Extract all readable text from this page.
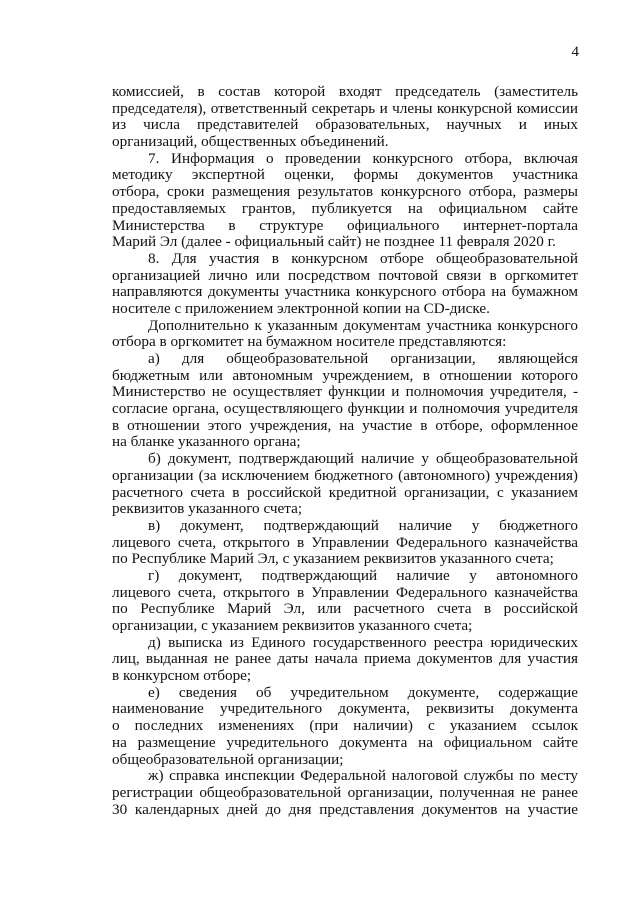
4
комиссией, в состав которой входят председатель (заместитель
председателя), ответственный секретарь и члены конкурсной комиссии
из числа представителей образовательных, научных и иных
организаций, общественных объединений.
7. Информация о проведении конкурсного отбора, включая
методику экспертной оценки, формы документов участника
отбора, сроки размещения результатов конкурсного отбора, размеры
предоставляемых грантов, публикуется на официальном сайте
Министерства в структуре официального интернет-портала
Марий Эл (далее - официальный сайт) не позднее 11 февраля 2020 г.
8. Для участия в конкурсном отборе общеобразовательной
организацией лично или посредством почтовой связи в оргкомитет
направляются документы участника конкурсного отбора на бумажном
носителе с приложением электронной копии на CD-диске.
Дополнительно к указанным документам участника конкурсного
отбора в оргкомитет на бумажном носителе представляются:
а) для общеобразовательной организации, являющейся
бюджетным или автономным учреждением, в отношении которого
Министерство не осуществляет функции и полномочия учредителя, -
согласие органа, осуществляющего функции и полномочия учредителя
в отношении этого учреждения, на участие в отборе, оформленное
на бланке указанного органа;
б) документ, подтверждающий наличие у общеобразовательной
организации (за исключением бюджетного (автономного) учреждения)
расчетного счета в российской кредитной организации, с указанием
реквизитов указанного счета;
в) документ, подтверждающий наличие у бюджетного
лицевого счета, открытого в Управлении Федерального казначейства
по Республике Марий Эл, с указанием реквизитов указанного счета;
г) документ, подтверждающий наличие у автономного
лицевого счета, открытого в Управлении Федерального казначейства
по Республике Марий Эл, или расчетного счета в российской
организации, с указанием реквизитов указанного счета;
д) выписка из Единого государственного реестра юридических
лиц, выданная не ранее даты начала приема документов для участия
в конкурсном отборе;
е) сведения об учредительном документе, содержащие
наименование учредительного документа, реквизиты документа
о последних изменениях (при наличии) с указанием ссылок
на размещение учредительного документа на официальном сайте
общеобразовательной организации;
ж) справка инспекции Федеральной налоговой службы по месту
регистрации общеобразовательной организации, полученная не ранее
30 календарных дней до дня представления документов на участие
